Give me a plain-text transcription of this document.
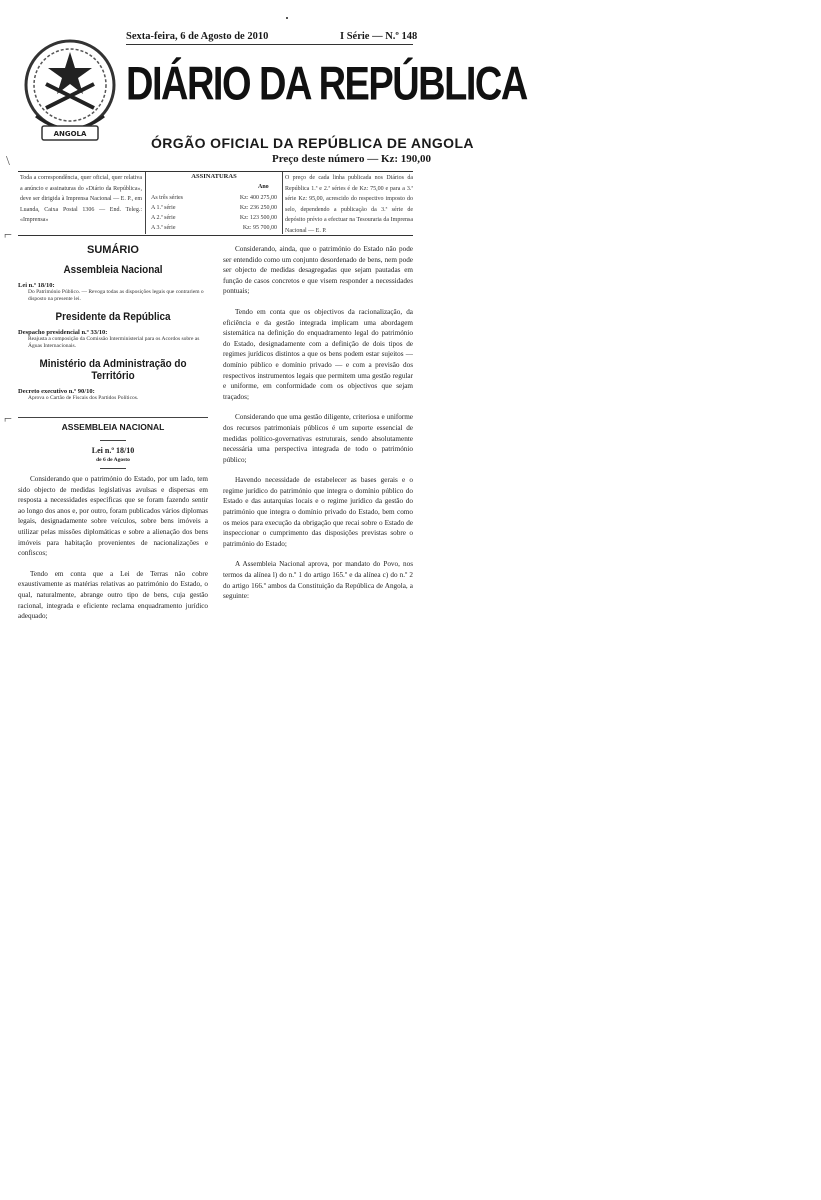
ANGOLA
Sexta-feira, 6 de Agosto de 2010	I Série — N.º 148
DIÁRIO DA REPÚBLICA
ÓRGÃO OFICIAL DA REPÚBLICA DE ANGOLA
Preço deste número — Kz: 190,00
\
Toda a correspondência, quer oficial, quer relativa a anúncio e assinaturas do «Diário da República», deve ser dirigida à Imprensa Nacional — E. P., em Luanda, Caixa Postal 1306 — End. Teleg.: «Imprensa»
ASSINATURAS
Ano
As três séries	Kz: 400 275,00
A 1.ª série	Kz: 236 250,00
A 2.ª série	Kz: 123 500,00
A 3.ª série	Kz: 95 700,00
O preço de cada linha publicada nos Diários da República 1.ª e 2.ª séries é de Kz: 75,00 e para a 3.ª série Kz: 95,00, acrescido do respectivo imposto do selo, dependendo a publicação da 3.ª série de depósito prévio a efectuar na Tesouraria da Imprensa Nacional — E. P.
⌐
SUMÁRIO
Assembleia Nacional
Lei n.º 18/10:
Do Património Público. — Revoga todas as disposições legais que contrariem o disposto na presente lei.
Presidente da República
Despacho presidencial n.º 33/10:
Reajusta a composição da Comissão Interministerial para os Acordos sobre as Águas Internacionais.
Ministério da Administração do Território
Decreto executivo n.º 90/10:
Aprova o Cartão de Fiscais dos Partidos Políticos.
⌐	ASSEMBLEIA NACIONAL
Lei n.º 18/10
de 6 de Agosto

Considerando que o património do Estado, por um lado, tem sido objecto de medidas legislativas avulsas e dispersas em resposta a necessidades específicas que se foram fazendo sentir ao longo dos anos e, por outro, foram publicados vários diplomas legais, designadamente sobre veículos, sobre bens imóveis a utilizar pelas missões diplomáticas e sobre a alienação dos bens imóveis para habitação provenientes de nacionalizações e confiscos;

Tendo em conta que a Lei de Terras não cobre exaustivamente as matérias relativas ao património do Estado, o qual, naturalmente, abrange outro tipo de bens, cuja gestão racional, integrada e eficiente reclama enquadramento jurídico adequado;

Considerando, ainda, que o património do Estado não pode ser entendido como um conjunto desordenado de bens, nem pode ser objecto de medidas desagregadas que sejam pautadas em função de casos concretos e que visem responder a necessidades pontuais;

Tendo em conta que os objectivos da racionalização, da eficiência e da gestão integrada implicam uma abordagem sistemática na definição do enquadramento legal do património do Estado, designadamente com a definição de dois tipos de regimes jurídicos distintos a que os bens podem estar sujeitos — domínio público e domínio privado — e com a previsão dos respectivos instrumentos legais que permitem uma gestão regular e uniforme, em conformidade com os objectivos que sejam traçados;

Considerando que uma gestão diligente, criteriosa e uniforme dos recursos patrimoniais públicos é um suporte essencial de medidas político-governativas estruturais, sendo absolutamente necessária uma perspectiva integrada de todo o património público;

Havendo necessidade de estabelecer as bases gerais e o regime jurídico do património que integra o domínio público do Estado e das autarquias locais e o regime jurídico da gestão do património que integra o domínio privado do Estado, bem como os meios para execução da obrigação que recai sobre o Estado de inspeccionar o cumprimento das disposições previstas sobre o património do Estado;

A Assembleia Nacional aprova, por mandato do Povo, nos termos da alínea l) do n.º 1 do artigo 165.º e da alínea c) do n.º 2 do artigo 166.º ambos da Constituição da República de Angola, a seguinte:
